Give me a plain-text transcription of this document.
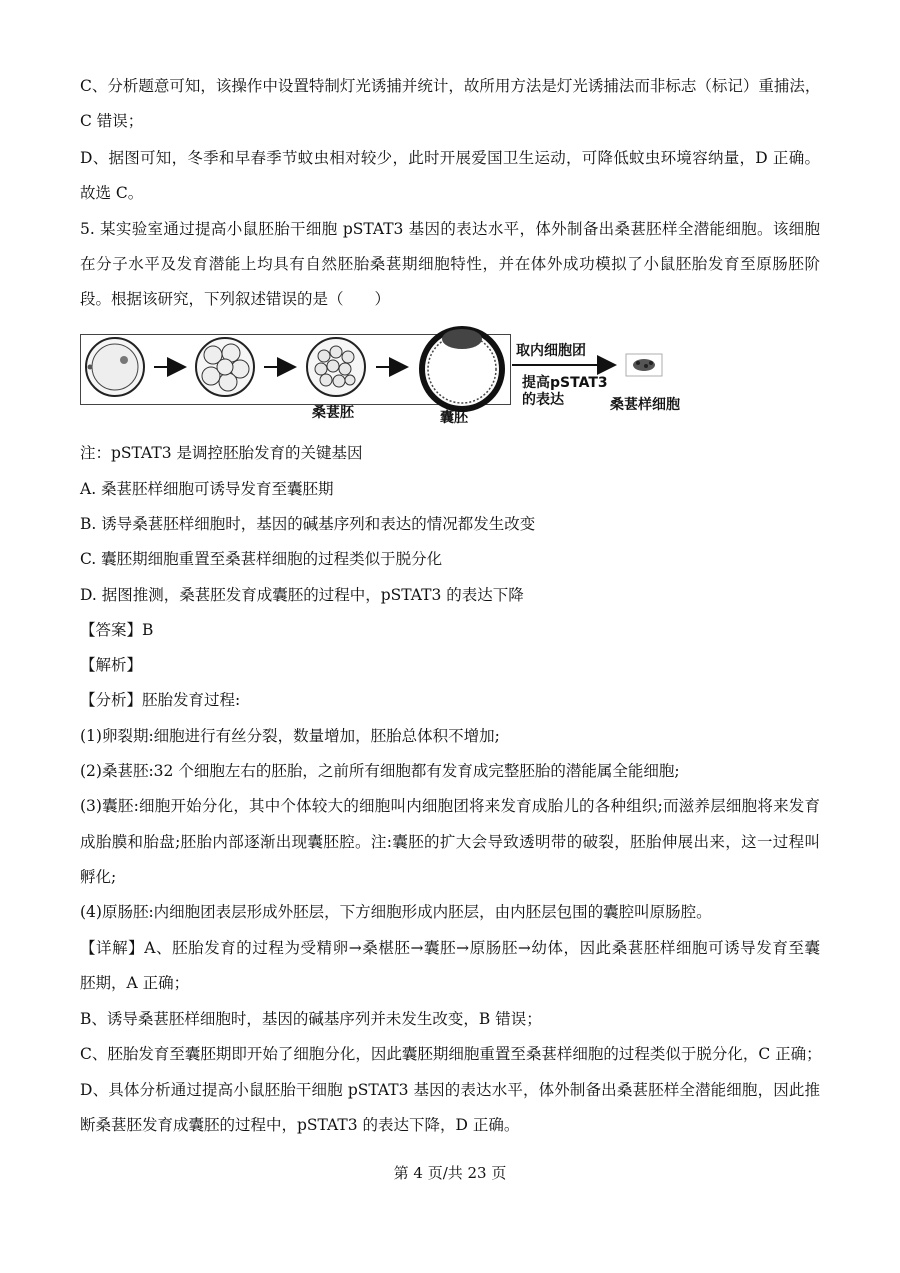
C、分析题意可知，该操作中设置特制灯光诱捕并统计，故所用方法是灯光诱捕法而非标志（标记）重捕法，
C 错误；
D、据图可知，冬季和早春季节蚊虫相对较少，此时开展爱国卫生运动，可降低蚊虫环境容纳量，D 正确。
故选 C。
5. 某实验室通过提高小鼠胚胎干细胞 pSTAT3 基因的表达水平，体外制备出桑葚胚样全潜能细胞。该细胞
在分子水平及发育潜能上均具有自然胚胎桑葚期细胞特性，并在体外成功模拟了小鼠胚胎发育至原肠胚阶
段。根据该研究，下列叙述错误的是（　　）
桑葚胚	囊胚
取内细胞团
提高pSTAT3
的表达	桑葚样细胞
注：pSTAT3 是调控胚胎发育的关键基因
A. 桑葚胚样细胞可诱导发育至囊胚期
B. 诱导桑葚胚样细胞时，基因的碱基序列和表达的情况都发生改变
C. 囊胚期细胞重置至桑葚样细胞的过程类似于脱分化
D. 据图推测，桑葚胚发育成囊胚的过程中，pSTAT3 的表达下降
【答案】B
【解析】
【分析】胚胎发育过程:
(1)卵裂期:细胞进行有丝分裂，数量增加，胚胎总体积不增加;
(2)桑葚胚:32 个细胞左右的胚胎，之前所有细胞都有发育成完整胚胎的潜能属全能细胞;
(3)囊胚:细胞开始分化，其中个体较大的细胞叫内细胞团将来发育成胎儿的各种组织;而滋养层细胞将来发育
成胎膜和胎盘;胚胎内部逐渐出现囊胚腔。注:囊胚的扩大会导致透明带的破裂，胚胎伸展出来，这一过程叫
孵化;
(4)原肠胚:内细胞团表层形成外胚层，下方细胞形成内胚层，由内胚层包围的囊腔叫原肠腔。
【详解】A、胚胎发育的过程为受精卵→桑椹胚→囊胚→原肠胚→幼体，因此桑葚胚样细胞可诱导发育至囊
胚期，A 正确；
B、诱导桑葚胚样细胞时，基因的碱基序列并未发生改变，B 错误；
C、胚胎发育至囊胚期即开始了细胞分化，因此囊胚期细胞重置至桑葚样细胞的过程类似于脱分化，C 正确；
D、具体分析通过提高小鼠胚胎干细胞 pSTAT3 基因的表达水平，体外制备出桑葚胚样全潜能细胞，因此推
断桑葚胚发育成囊胚的过程中，pSTAT3 的表达下降，D 正确。
第 4 页/共 23 页
